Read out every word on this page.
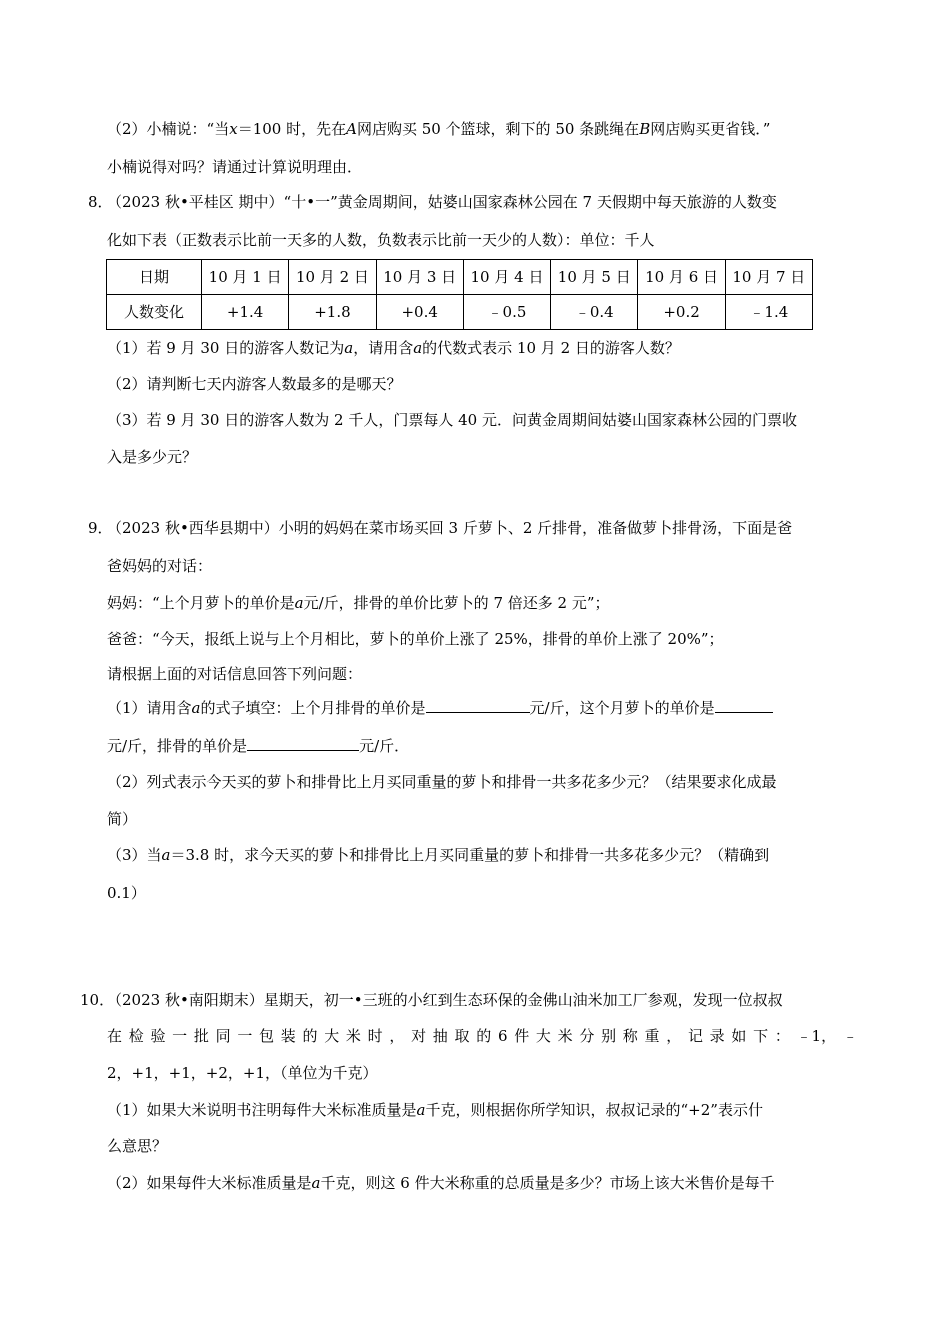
（2）小楠说：“当x＝100 时，先在A网店购买 50 个篮球，剩下的 50 条跳绳在B网店购买更省钱．”
小楠说得对吗？请通过计算说明理由．
8．
（2023 秋•平桂区 期中）“十•一”黄金周期间，姑婆山国家森林公园在 7 天假期中每天旅游的人数变
化如下表（正数表示比前一天多的人数，负数表示比前一天少的人数）：单位：千人
日期	10 月 1 日	10 月 2 日	10 月 3 日	10 月 4 日	10 月 5 日	10 月 6 日	10 月 7 日
人数变化	+1.4	+1.8	+0.4	﹣0.5	﹣0.4	+0.2	﹣1.4
（1）若 9 月 30 日的游客人数记为a，请用含a的代数式表示 10 月 2 日的游客人数？
（2）请判断七天内游客人数最多的是哪天？
（3）若 9 月 30 日的游客人数为 2 千人，门票每人 40 元．问黄金周期间姑婆山国家森林公园的门票收
入是多少元？
9．
（2023 秋•西华县期中）小明的妈妈在菜市场买回 3 斤萝卜、2 斤排骨，准备做萝卜排骨汤，下面是爸
爸妈妈的对话：
妈妈：“上个月萝卜的单价是a元/斤，排骨的单价比萝卜的 7 倍还多 2 元”；
爸爸：“今天，报纸上说与上个月相比，萝卜的单价上涨了 25%，排骨的单价上涨了 20%”；
请根据上面的对话信息回答下列问题：
（1）请用含a的式子填空：上个月排骨的单价是	元/斤，这个月萝卜的单价是
元/斤，排骨的单价是	元/斤．
（2）列式表示今天买的萝卜和排骨比上月买同重量的萝卜和排骨一共多花多少元？（结果要求化成最
简）
（3）当a＝3.8 时，求今天买的萝卜和排骨比上月买同重量的萝卜和排骨一共多花多少元？（精确到
0.1）
10．
（2023 秋•南阳期末）星期天，初一•三班的小红到生态环保的金佛山油米加工厂参观，发现一位叔叔
在 检 验 一 批 同 一 包 装 的 大 米 时 ， 对 抽 取 的 6 件 大 米 分 别 称 重 ， 记 录 如 下 ： ﹣1， ﹣
2，+1，+1，+2，+1，（单位为千克）
（1）如果大米说明书注明每件大米标准质量是a千克，则根据你所学知识，叔叔记录的“+2”表示什
么意思？
（2）如果每件大米标准质量是a千克，则这 6 件大米称重的总质量是多少？市场上该大米售价是每千
